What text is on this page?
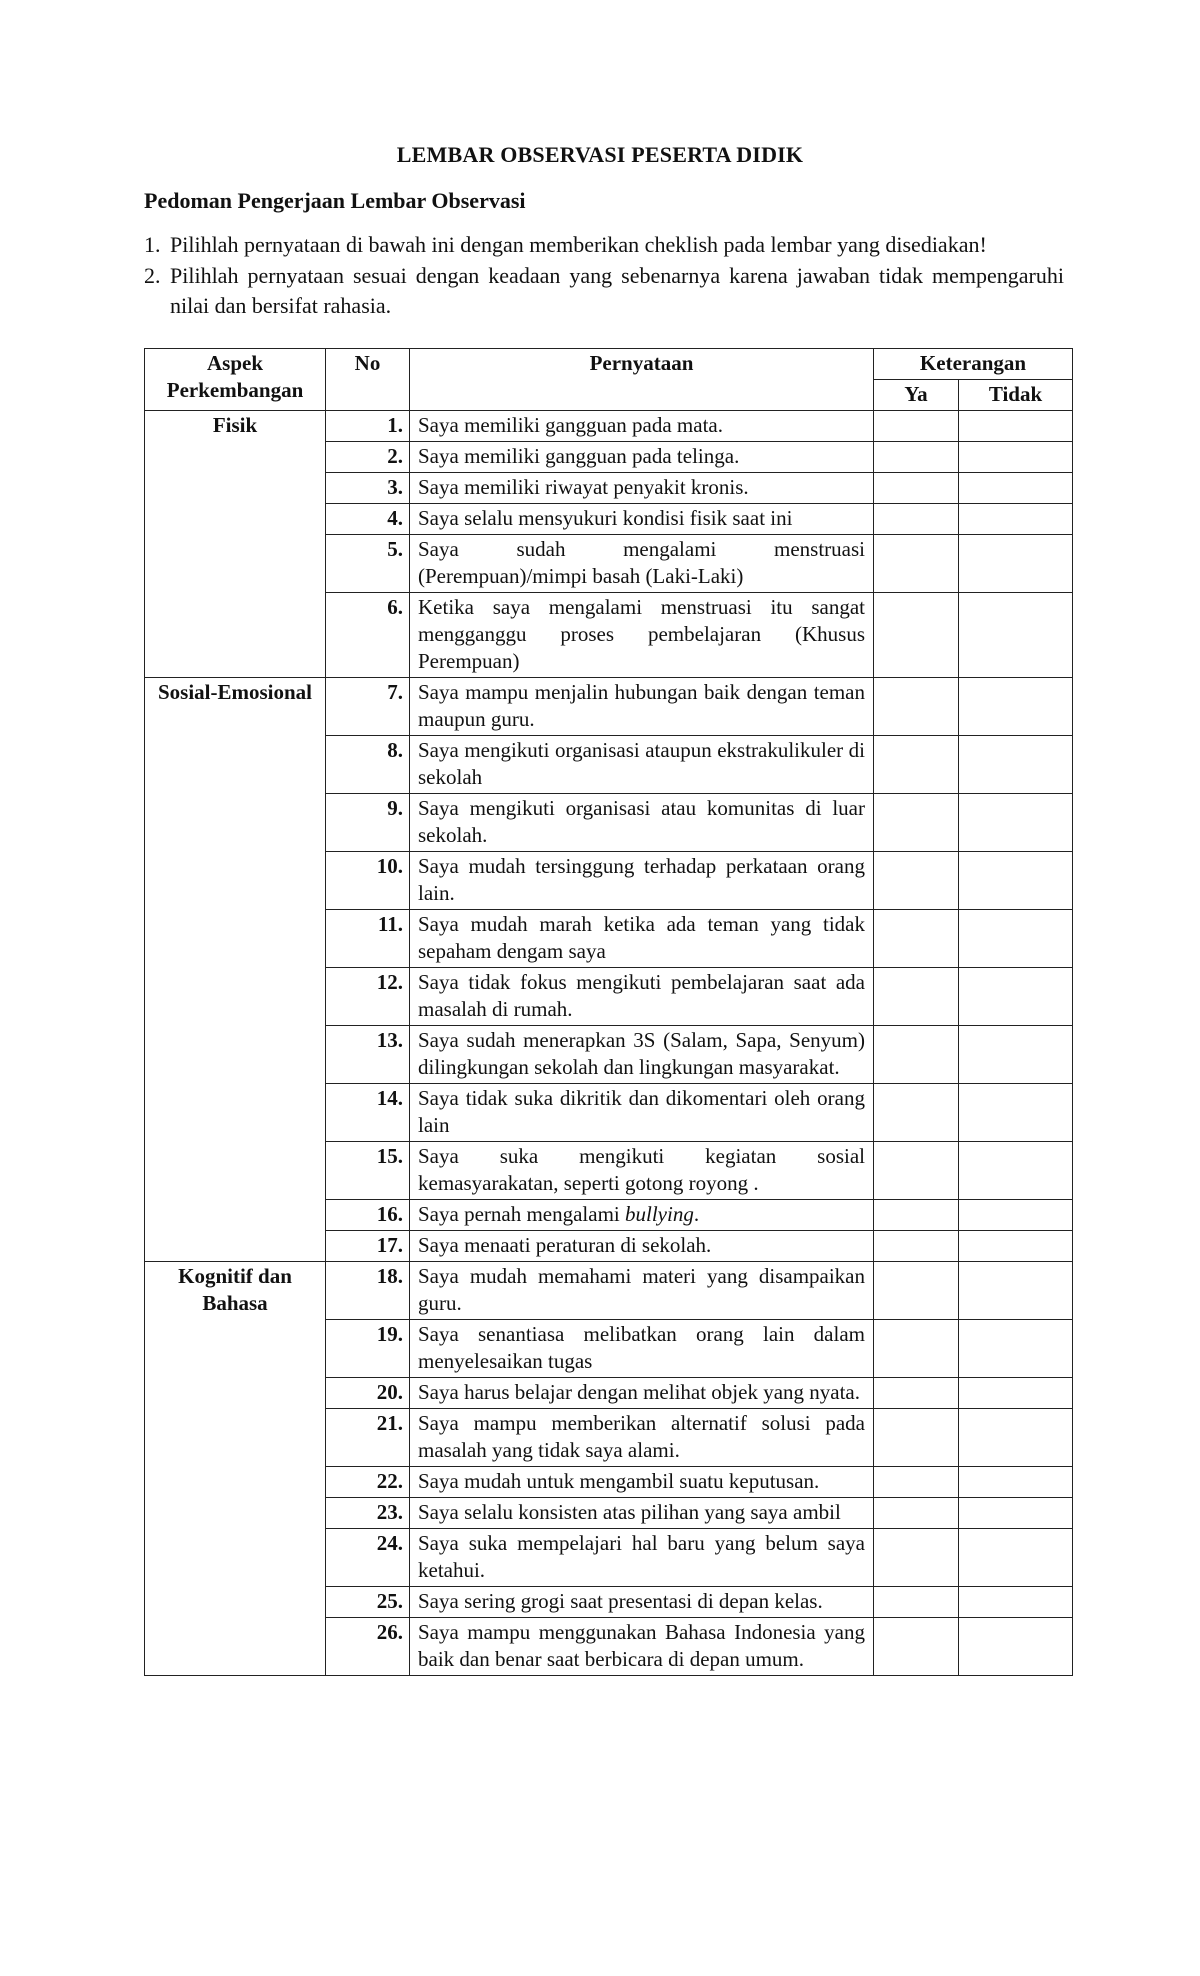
LEMBAR OBSERVASI PESERTA DIDIK
Pedoman Pengerjaan Lembar Observasi
1. Pilihlah pernyataan di bawah ini dengan memberikan cheklish pada lembar yang disediakan!
2. Pilihlah pernyataan sesuai dengan keadaan yang sebenarnya karena jawaban tidak mempengaruhi nilai dan bersifat rahasia.
Aspek Perkembangan	No	Pernyataan	Keterangan	
			Ya	Tidak
Fisik	1.	Saya memiliki gangguan pada mata.		
	2.	Saya memiliki gangguan pada telinga.		
	3.	Saya memiliki riwayat penyakit kronis.		
	4.	Saya selalu mensyukuri kondisi fisik saat ini		
	5.	Saya sudah mengalami menstruasi (Perempuan)/mimpi basah (Laki-Laki)		
	6.	Ketika saya mengalami menstruasi itu sangat mengganggu proses pembelajaran (Khusus Perempuan)		
Sosial-Emosional	7.	Saya mampu menjalin hubungan baik dengan teman maupun guru.		
	8.	Saya mengikuti organisasi ataupun ekstrakulikuler di sekolah		
	9.	Saya mengikuti organisasi atau komunitas di luar sekolah.		
	10.	Saya mudah tersinggung terhadap perkataan orang lain.		
	11.	Saya mudah marah ketika ada teman yang tidak sepaham dengam saya		
	12.	Saya tidak fokus mengikuti pembelajaran saat ada masalah di rumah.		
	13.	Saya sudah menerapkan 3S (Salam, Sapa, Senyum) dilingkungan sekolah dan lingkungan masyarakat.		
	14.	Saya tidak suka dikritik dan dikomentari oleh orang lain		
	15.	Saya suka mengikuti kegiatan sosial kemasyarakatan, seperti gotong royong .		
	16.	Saya pernah mengalami bullying.		
	17.	Saya menaati peraturan di sekolah.		
Kognitif dan Bahasa	18.	Saya mudah memahami materi yang disampaikan guru.		
	19.	Saya senantiasa melibatkan orang lain dalam menyelesaikan tugas		
	20.	Saya harus belajar dengan melihat objek yang nyata.		
	21.	Saya mampu memberikan alternatif solusi pada masalah yang tidak saya alami.		
	22.	Saya mudah untuk mengambil suatu keputusan.		
	23.	Saya selalu konsisten atas pilihan yang saya ambil		
	24.	Saya suka mempelajari hal baru yang belum saya ketahui.		
	25.	Saya sering grogi saat presentasi di depan kelas.		
	26.	Saya mampu menggunakan Bahasa Indonesia yang baik dan benar saat berbicara di depan umum.		
